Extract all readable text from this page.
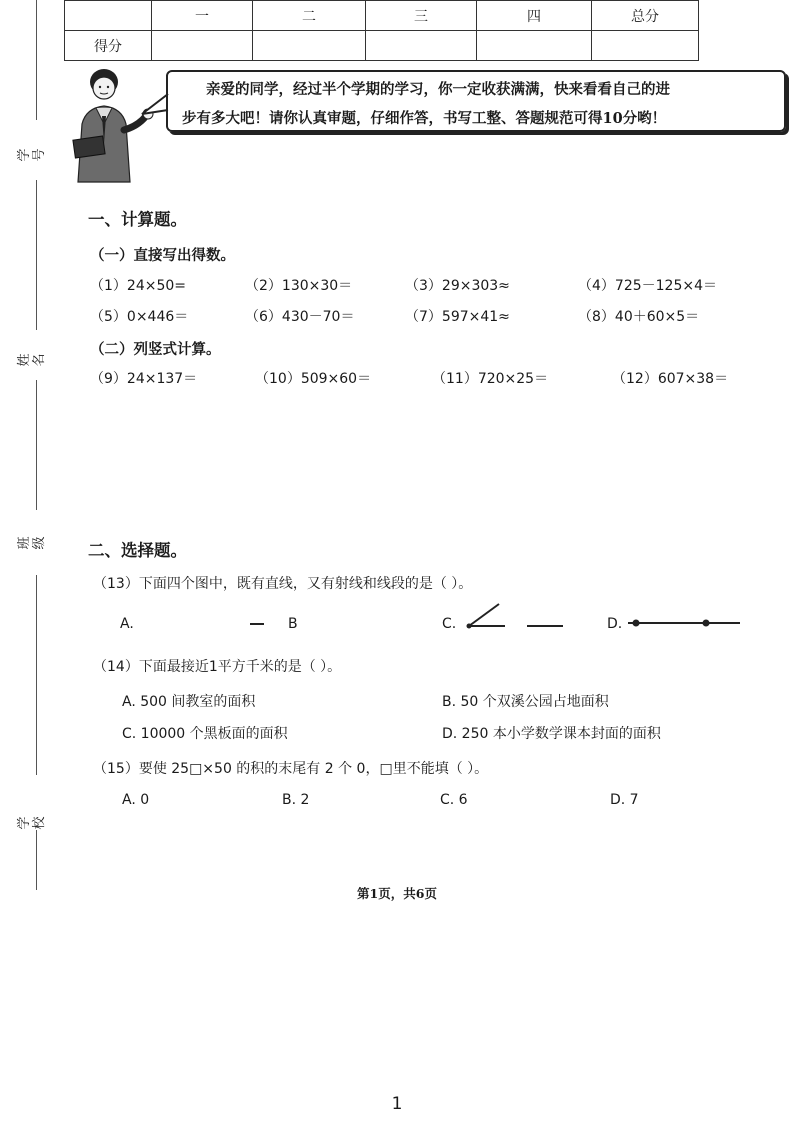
学号
姓名
班级
学校
	一	二	三	四	总分
得分					

亲爱的同学，经过半个学期的学习，你一定收获满满，快来看看自己的进

步有多大吧！请你认真审题，仔细作答，书写工整、答题规范可得10分哟！

一、计算题。
（一）直接写出得数。
（1）24×50=	（2）130×30＝	（3）29×303≈	（4）725－125×4＝
（5）0×446＝	（6）430－70＝	（7）597×41≈	（8）40＋60×5＝
（二）列竖式计算。
（9）24×137＝	（10）509×60＝	（11）720×25＝	（12）607×38＝
二、选择题。
（13）下面四个图中，既有直线，又有射线和线段的是（ ）。
A.	B	C.	D.
（14）下面最接近1平方千米的是（ ）。
A. 500 间教室的面积	B. 50 个双溪公园占地面积
C. 10000 个黑板面的面积	D. 250 本小学数学课本封面的面积
（15）要使 25□×50 的积的末尾有 2 个 0，□里不能填（ ）。
A. 0	B. 2	C. 6	D. 7
第1页，共6页
1
